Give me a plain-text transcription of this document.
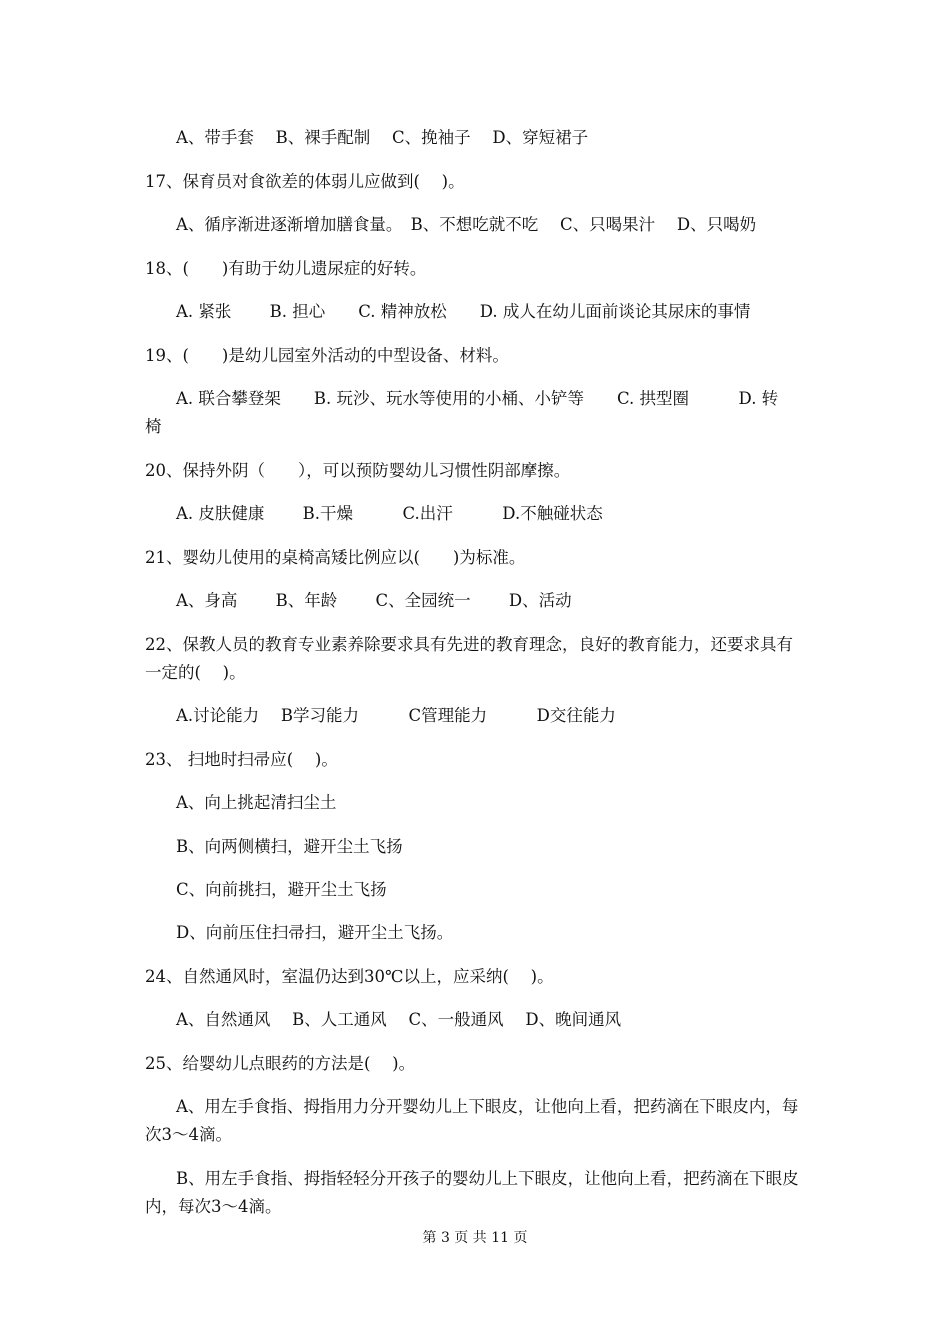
A、带手套　 B、裸手配制　 C、挽袖子　 D、穿短裙子
17、保育员对食欲差的体弱儿应做到(　 )。
A、循序渐进逐渐增加膳食量。　B、不想吃就不吃　 C、只喝果汁　 D、只喝奶
18、(　　)有助于幼儿遗尿症的好转。
A. 紧张　　 B. 担心　　C. 精神放松　　D. 成人在幼儿面前谈论其尿床的事情
19、(　　)是幼儿园室外活动的中型设备、材料。
A. 联合攀登架　　B. 玩沙、玩水等使用的小桶、小铲等　　C. 拱型圈　　　D. 转
椅
20、保持外阴（　　），可以预防婴幼儿习惯性阴部摩擦。
A. 皮肤健康　　 B.干燥　　　C.出汗　　　D.不触碰状态
21、婴幼儿使用的桌椅高矮比例应以(　　)为标准。
A、身高　　 B、年龄　　 C、全园统一　　 D、活动
22、保教人员的教育专业素养除要求具有先进的教育理念，良好的教育能力，还要求具有
一定的(　 )。
A.讨论能力　 B学习能力　　　C管理能力　　　D交往能力
23、 扫地时扫帚应(　 )。
A、向上挑起清扫尘土
B、向两侧横扫，避开尘土飞扬
C、向前挑扫，避开尘土飞扬
D、向前压住扫帚扫，避开尘土飞扬。
24、自然通风时，室温仍达到30℃以上，应采纳(　 )。
A、自然通风　 B、人工通风　 C、一般通风　 D、晚间通风
25、给婴幼儿点眼药的方法是(　 )。
A、用左手食指、拇指用力分开婴幼儿上下眼皮，让他向上看，把药滴在下眼皮内，每
次3～4滴。
B、用左手食指、拇指轻轻分开孩子的婴幼儿上下眼皮，让他向上看，把药滴在下眼皮
内，每次3～4滴。
第 3 页 共 11 页
